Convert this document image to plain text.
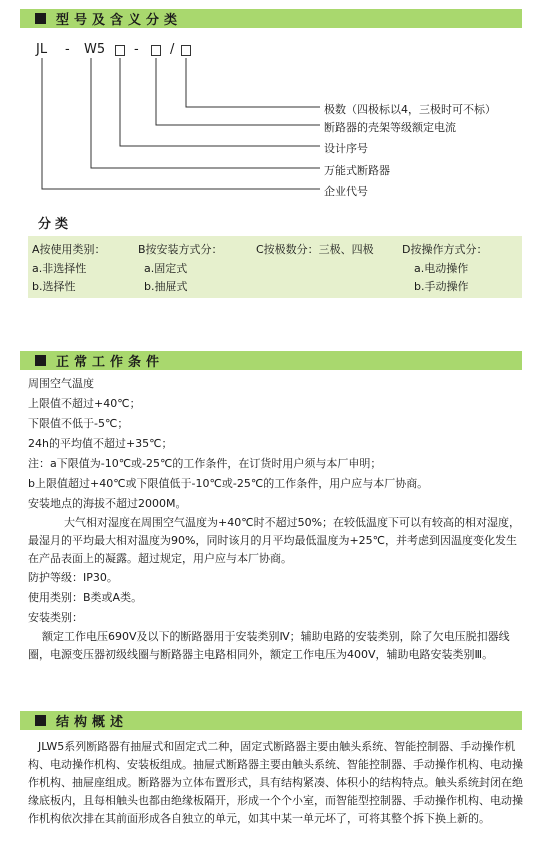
型号及含义分类
JL - W5 - /
极数（四极标以4，三极时可不标）
断路器的壳架等级额定电流
设计序号
万能式断路器
企业代号
分类
A按使用类别：
a.非选择性
b.选择性
B按安装方式分：
a.固定式
b.抽屉式
C按极数分：三极、四极	D按操作方式分：
a.电动操作
b.手动操作
正常工作条件
周围空气温度
上限值不超过+40℃；
下限值不低于-5℃；
24h的平均值不超过+35℃；
注：a下限值为-10℃或-25℃的工作条件，在订货时用户须与本厂申明；
b上限值超过+40℃或下限值低于-10℃或-25℃的工作条件，用户应与本厂协商。
安装地点的海拔不超过2000M。

大气相对湿度在周围空气温度为+40℃时不超过50%；在较低温度下可以有较高的相对湿度，最湿月的平均最大相对温度为90%，同时该月的月平均最低温度为+25℃，并考虑到因温度变化发生在产品表面上的凝露。超过规定，用户应与本厂协商。

防护等级：IP30。
使用类别：B类或A类。
安装类别：

额定工作电压690V及以下的断路器用于安装类别Ⅳ；辅助电路的安装类别，除了欠电压脱扣器线圈，电源变压器初级线圈与断路器主电路相同外，额定工作电压为400V，辅助电路安装类别Ⅲ。

结构概述

JLW5系列断路器有抽屉式和固定式二种，固定式断路器主要由触头系统、智能控制器、手动操作机构、电动操作机构、安装板组成。抽屉式断路器主要由触头系统、智能控制器、手动操作机构、电动操作机构、抽屉座组成。断路器为立体布置形式，具有结构紧凑、体积小的结构特点。触头系统封闭在绝缘底板内，且每相触头也都由绝缘板隔开，形成一个个小室，而智能型控制器、手动操作机构、电动操作机构依次排在其前面形成各自独立的单元，如其中某一单元坏了，可将其整个拆下换上新的。
